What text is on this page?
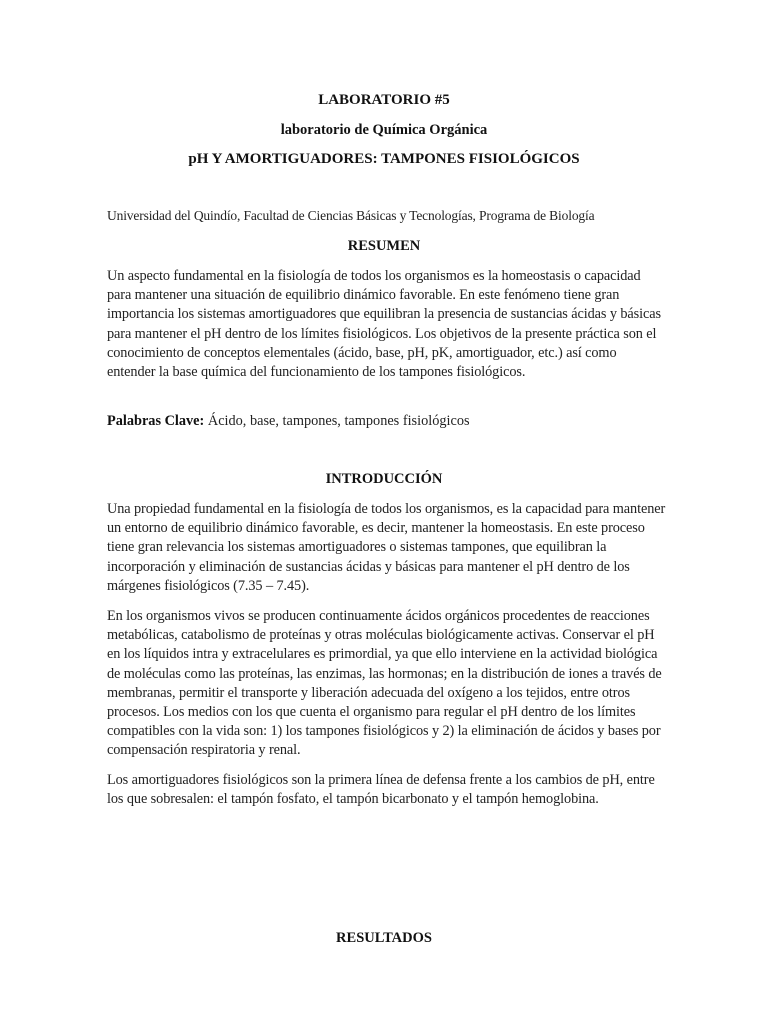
LABORATORIO #5
laboratorio de Química Orgánica
pH Y AMORTIGUADORES: TAMPONES FISIOLÓGICOS
Universidad del Quindío, Facultad de Ciencias Básicas y Tecnologías, Programa de Biología
RESUMEN

Un aspecto fundamental en la fisiología de todos los organismos es la homeostasis o capacidad para mantener una situación de equilibrio dinámico favorable. En este fenómeno tiene gran importancia los sistemas amortiguadores que equilibran la presencia de sustancias ácidas y básicas para mantener el pH dentro de los límites fisiológicos. Los objetivos de la presente práctica son el conocimiento de conceptos elementales (ácido, base, pH, pK, amortiguador, etc.) así como entender la base química del funcionamiento de los tampones fisiológicos.

Palabras Clave: Ácido, base, tampones, tampones fisiológicos
INTRODUCCIÓN

Una propiedad fundamental en la fisiología de todos los organismos, es la capacidad para mantener un entorno de equilibrio dinámico favorable, es decir, mantener la homeostasis. En este proceso tiene gran relevancia los sistemas amortiguadores o sistemas tampones, que equilibran la incorporación y eliminación de sustancias ácidas y básicas para mantener el pH dentro de los márgenes fisiológicos (7.35 – 7.45).

En los organismos vivos se producen continuamente ácidos orgánicos procedentes de reacciones metabólicas, catabolismo de proteínas y otras moléculas biológicamente activas. Conservar el pH en los líquidos intra y extracelulares es primordial, ya que ello interviene en la actividad biológica de moléculas como las proteínas, las enzimas, las hormonas; en la distribución de iones a través de membranas, permitir el transporte y liberación adecuada del oxígeno a los tejidos, entre otros procesos. Los medios con los que cuenta el organismo para regular el pH dentro de los límites compatibles con la vida son: 1) los tampones fisiológicos y 2) la eliminación de ácidos y bases por compensación respiratoria y renal.

Los amortiguadores fisiológicos son la primera línea de defensa frente a los cambios de pH, entre los que sobresalen: el tampón fosfato, el tampón bicarbonato y el tampón hemoglobina.

RESULTADOS
